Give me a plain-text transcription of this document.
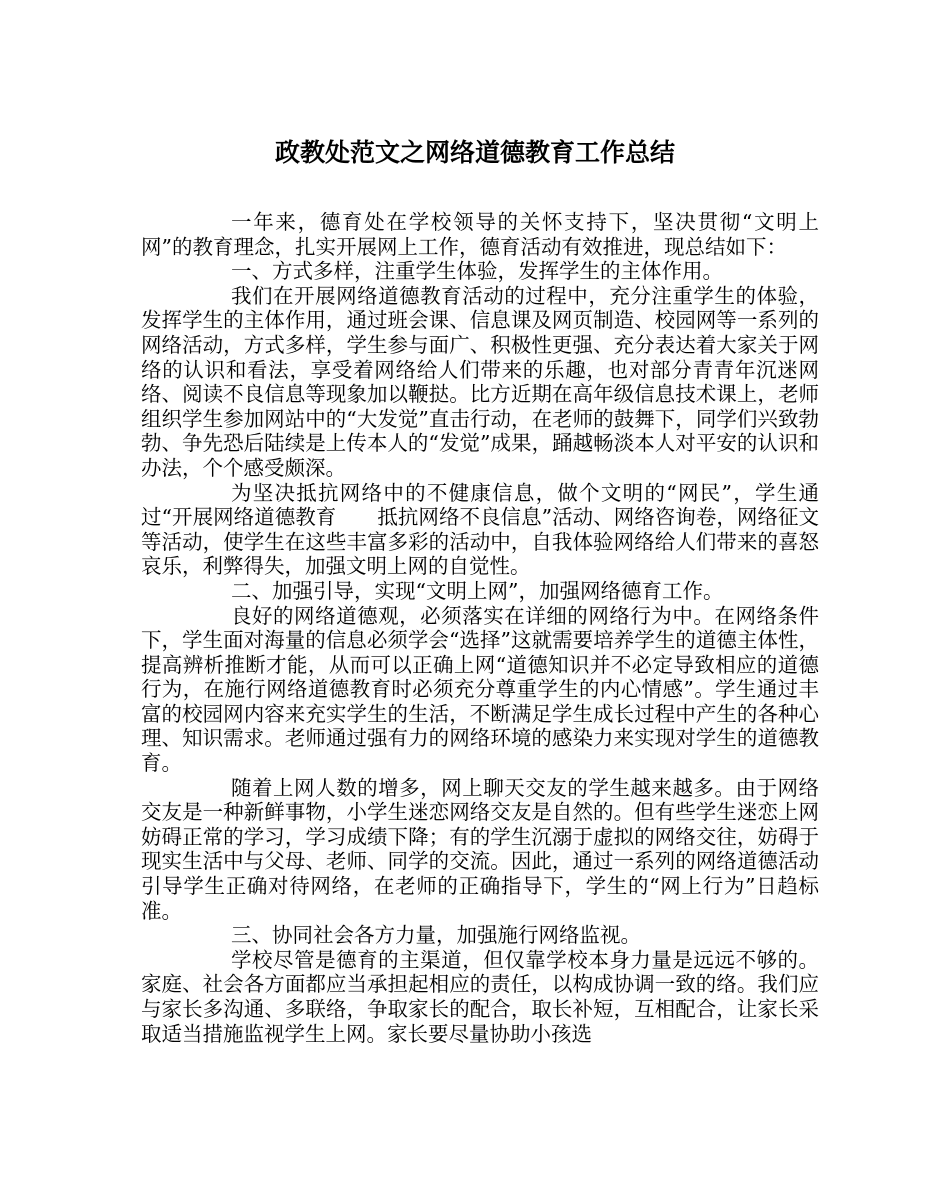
政教处范文之网络道德教育工作总结

一年来，德育处在学校领导的关怀支持下，坚决贯彻“文明上网”的教育理念，扎实开展网上工作，德育活动有效推进，现总结如下：

一、方式多样，注重学生体验，发挥学生的主体作用。

我们在开展网络道德教育活动的过程中，充分注重学生的体验，发挥学生的主体作用，通过班会课、信息课及网页制造、校园网等一系列的网络活动，方式多样，学生参与面广、积极性更强、充分表达着大家关于网络的认识和看法，享受着网络给人们带来的乐趣，也对部分青青年沉迷网络、阅读不良信息等现象加以鞭挞。比方近期在高年级信息技术课上，老师组织学生参加网站中的“大发觉”直击行动，在老师的鼓舞下，同学们兴致勃勃、争先恐后陆续是上传本人的“发觉”成果，踊越畅淡本人对平安的认识和办法，个个感受颇深。

为坚决抵抗网络中的不健康信息，做个文明的“网民”，学生通过“开展网络道德教育　　抵抗网络不良信息”活动、网络咨询卷，网络征文等活动，使学生在这些丰富多彩的活动中，自我体验网络给人们带来的喜怒哀乐，利弊得失，加强文明上网的自觉性。

二、加强引导，实现“文明上网”，加强网络德育工作。

良好的网络道德观，必须落实在详细的网络行为中。在网络条件下，学生面对海量的信息必须学会“选择”这就需要培养学生的道德主体性，提高辨析推断才能，从而可以正确上网“道德知识并不必定导致相应的道德行为，在施行网络道德教育时必须充分尊重学生的内心情感”。学生通过丰富的校园网内容来充实学生的生活，不断满足学生成长过程中产生的各种心理、知识需求。老师通过强有力的网络环境的感染力来实现对学生的道德教育。

随着上网人数的增多，网上聊天交友的学生越来越多。由于网络交友是一种新鲜事物，小学生迷恋网络交友是自然的。但有些学生迷恋上网妨碍正常的学习，学习成绩下降；有的学生沉溺于虚拟的网络交往，妨碍于现实生活中与父母、老师、同学的交流。因此，通过一系列的网络道德活动引导学生正确对待网络，在老师的正确指导下，学生的“网上行为”日趋标准。

三、协同社会各方力量，加强施行网络监视。

学校尽管是德育的主渠道，但仅靠学校本身力量是远远不够的。家庭、社会各方面都应当承担起相应的责任，以构成协调一致的络。我们应与家长多沟通、多联络，争取家长的配合，取长补短，互相配合，让家长采取适当措施监视学生上网。家长要尽量协助小孩选
